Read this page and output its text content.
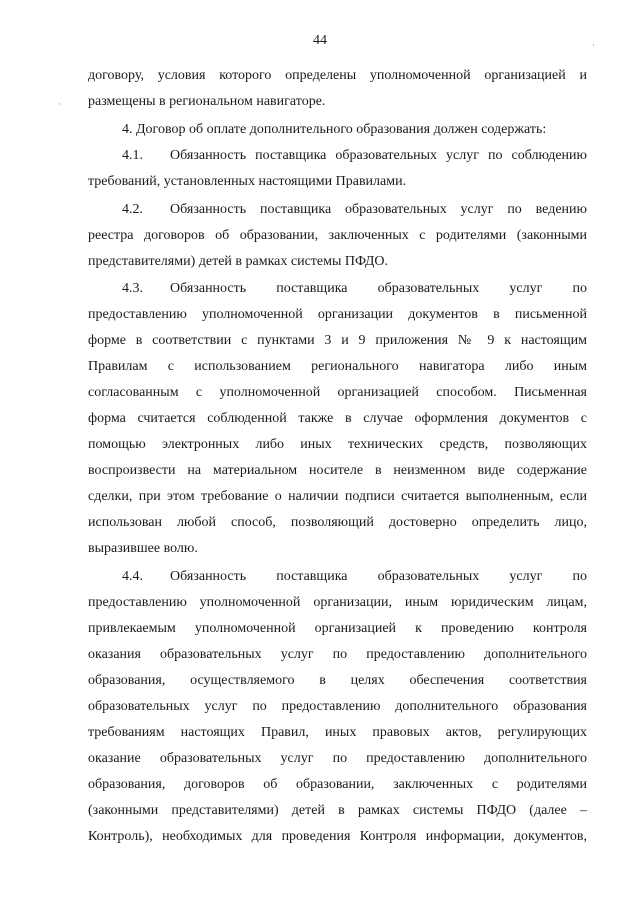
44
·
·
договору, условия которого определены уполномоченной организацией и
размещены в региональном навигаторе.
4. Договор об оплате дополнительного образования должен содержать:
4.1. Обязанность поставщика образовательных услуг по соблюдению
требований, установленных настоящими Правилами.
4.2. Обязанность поставщика образовательных услуг по ведению
реестра договоров об образовании, заключенных с родителями (законными
представителями) детей в рамках системы ПФДО.
4.3. Обязанность поставщика образовательных услуг по
предоставлению уполномоченной организации документов в письменной
форме в соответствии с пунктами 3 и 9 приложения № 9 к настоящим
Правилам с использованием регионального навигатора либо иным
согласованным с уполномоченной организацией способом. Письменная
форма считается соблюденной также в случае оформления документов с
помощью электронных либо иных технических средств, позволяющих
воспроизвести на материальном носителе в неизменном виде содержание
сделки, при этом требование о наличии подписи считается выполненным, если
использован любой способ, позволяющий достоверно определить лицо,
выразившее волю.
4.4. Обязанность поставщика образовательных услуг по
предоставлению уполномоченной организации, иным юридическим лицам,
привлекаемым уполномоченной организацией к проведению контроля
оказания образовательных услуг по предоставлению дополнительного
образования, осуществляемого в целях обеспечения соответствия
образовательных услуг по предоставлению дополнительного образования
требованиям настоящих Правил, иных правовых актов, регулирующих
оказание образовательных услуг по предоставлению дополнительного
образования, договоров об образовании, заключенных с родителями
(законными представителями) детей в рамках системы ПФДО (далее –
Контроль), необходимых для проведения Контроля информации, документов,
